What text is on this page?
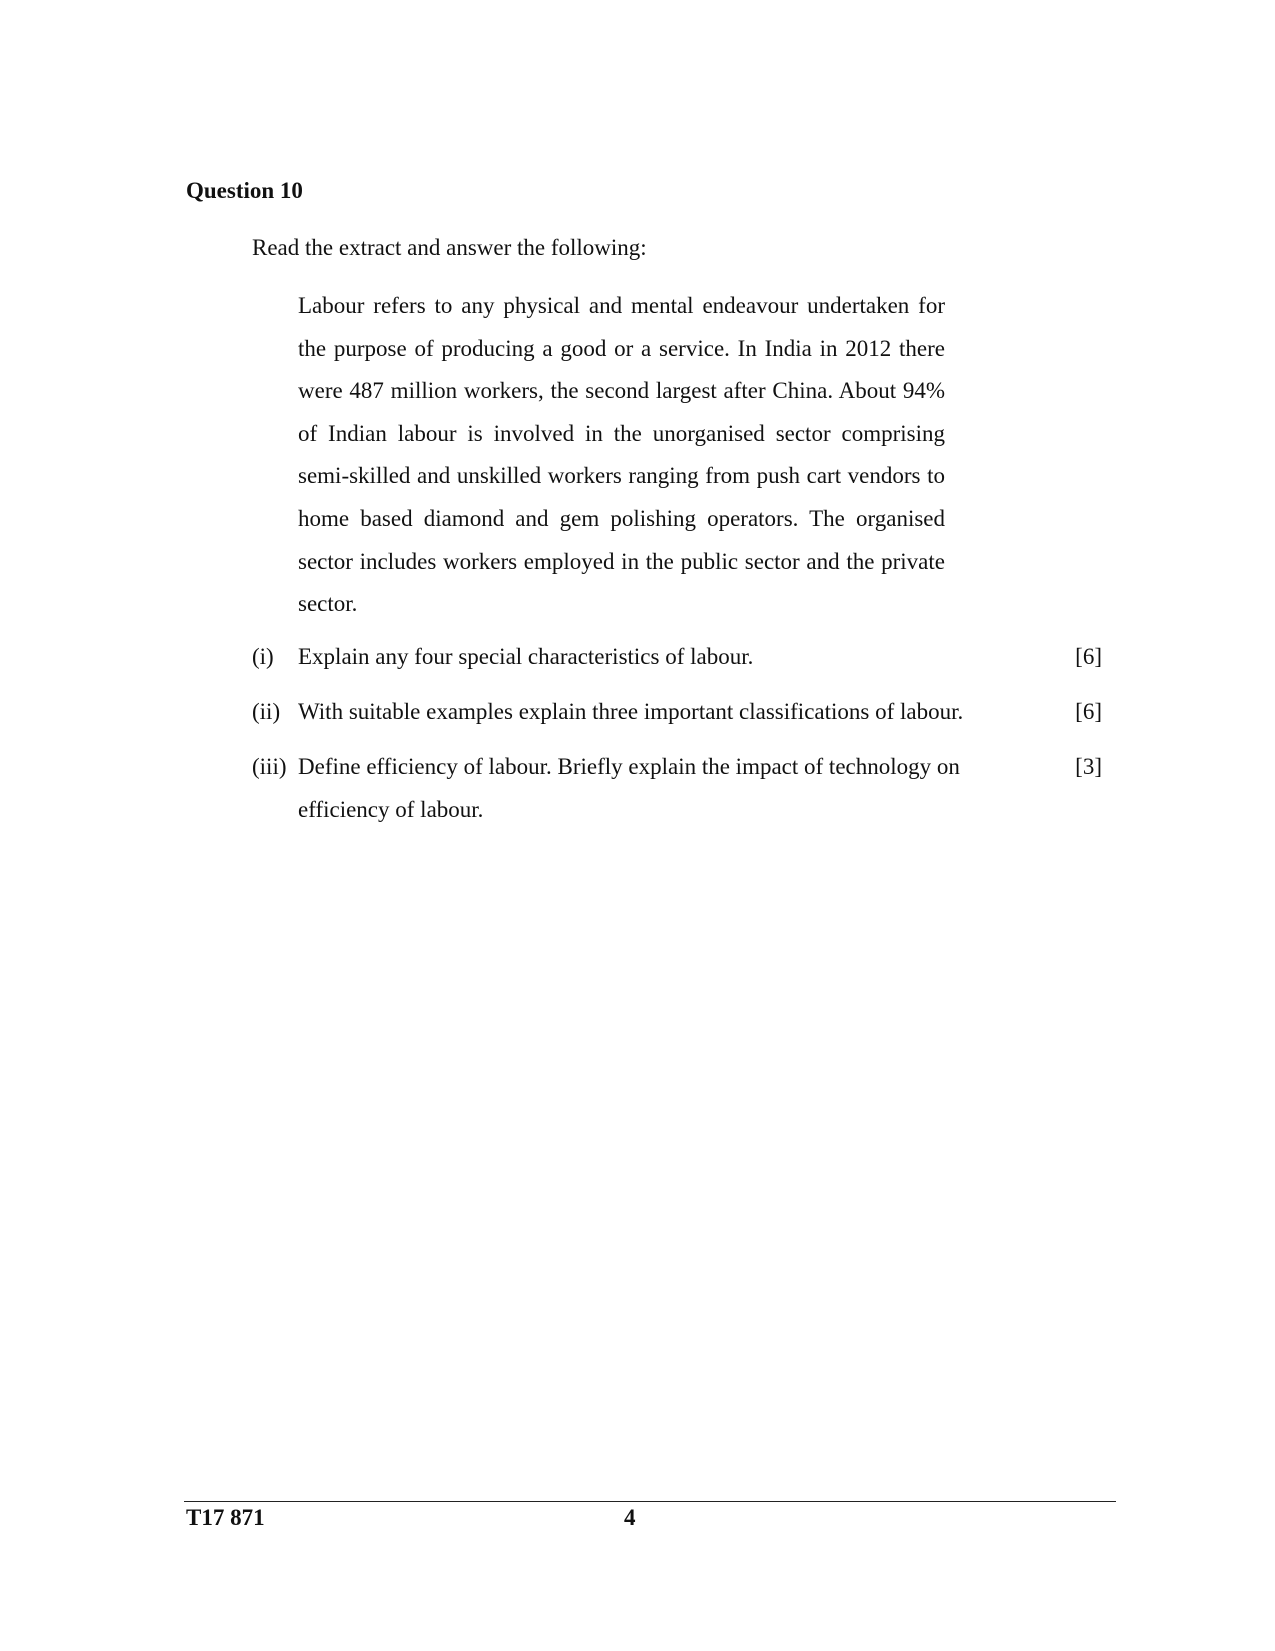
Question 10
Read the extract and answer the following:
Labour refers to any physical and mental endeavour undertaken for the purpose of producing a good or a service. In India in 2012 there were 487 million workers, the second largest after China. About 94% of Indian labour is involved in the unorganised sector comprising semi-skilled and unskilled workers ranging from push cart vendors to home based diamond and gem polishing operators. The organised sector includes workers employed in the public sector and the private sector.
(i) Explain any four special characteristics of labour.	[6]
(ii) With suitable examples explain three important classifications of labour.	[6]
(iii) Define efficiency of labour. Briefly explain the impact of technology on efficiency of labour.
[3]
T17 871	4
